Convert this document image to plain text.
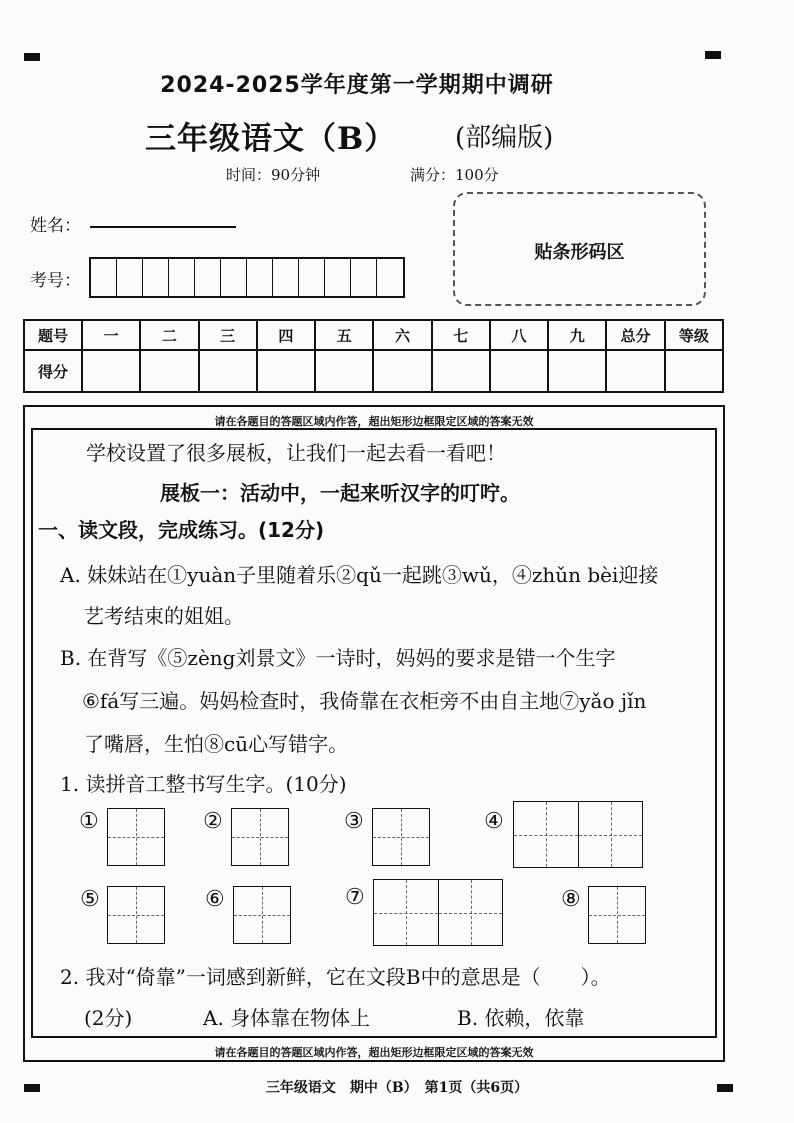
2024-2025学年度第一学期期中调研
三年级语文（B） (部编版)
时间：90分钟	满分：100分
姓名：
考号：
贴条形码区
题号	一	二	三	四	五	六	七	八	九	总分	等级
得分											
请在各题目的答题区域内作答，超出矩形边框限定区域的答案无效
请在各题目的答题区域内作答，超出矩形边框限定区域的答案无效
学校设置了很多展板，让我们一起去看一看吧！
展板一：活动中，一起来听汉字的叮咛。
一、读文段，完成练习。(12分)
A. 妹妹站在①yuàn子里随着乐②qǔ一起跳③wǔ，④zhǔn bèi迎接
艺考结束的姐姐。
B. 在背写《⑤zèng刘景文》一诗时，妈妈的要求是错一个生字
⑥fá写三遍。妈妈检查时，我倚靠在衣柜旁不由自主地⑦yǎo jǐn
了嘴唇，生怕⑧cū心写错字。
1. 读拼音工整书写生字。(10分)
①	②	③	④
⑤	⑥	⑦	⑧
2. 我对“倚靠”一词感到新鲜，它在文段B中的意思是（　　）。
(2分)	A. 身体靠在物体上	B. 依赖，依靠
三年级语文　期中（B）　第1页（共6页）
